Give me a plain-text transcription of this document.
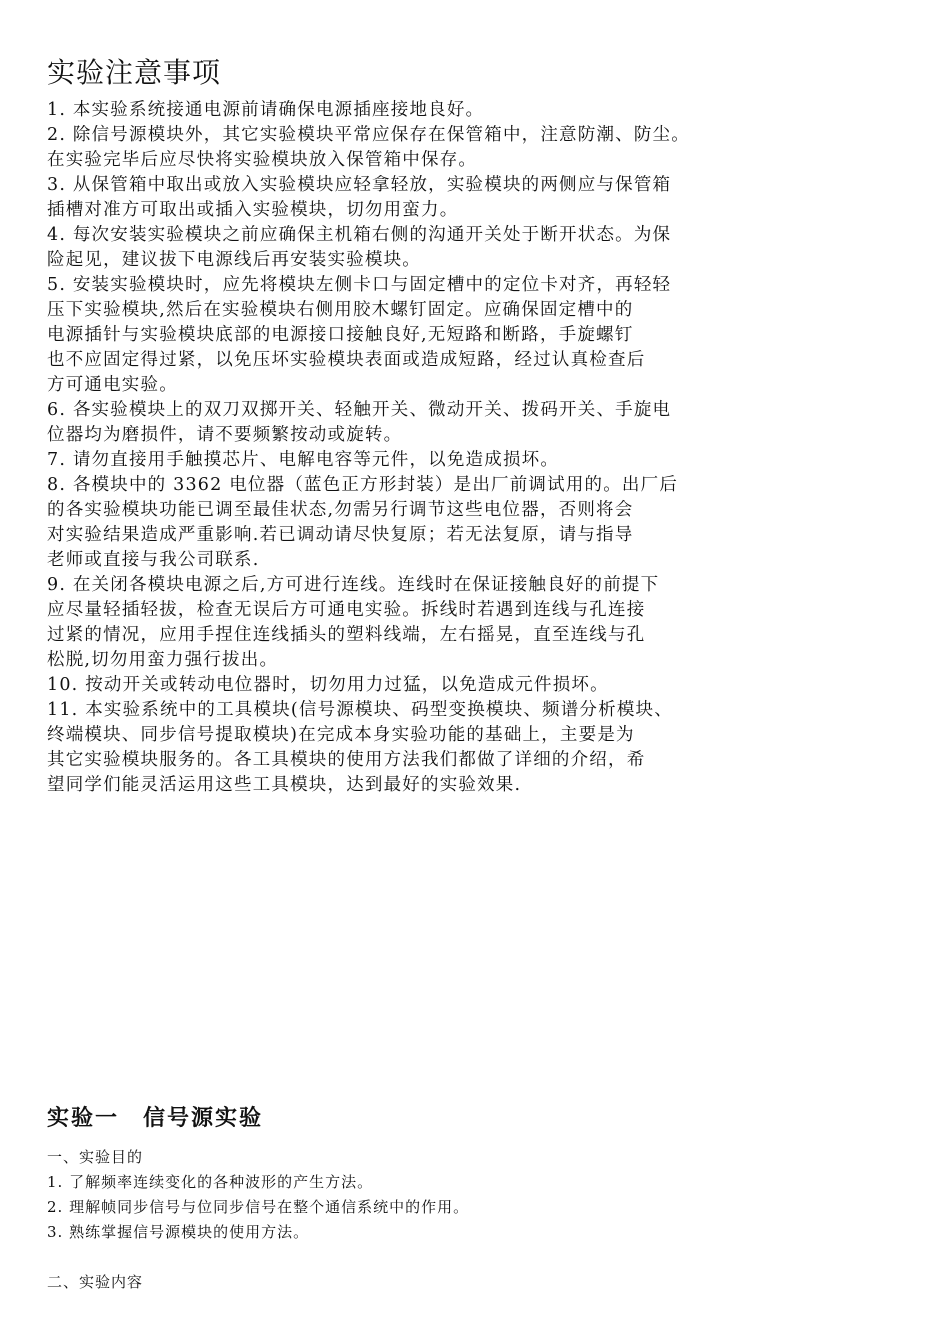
实验注意事项
1. 本实验系统接通电源前请确保电源插座接地良好。
2. 除信号源模块外，其它实验模块平常应保存在保管箱中，注意防潮、防尘。
在实验完毕后应尽快将实验模块放入保管箱中保存。
3. 从保管箱中取出或放入实验模块应轻拿轻放，实验模块的两侧应与保管箱
插槽对准方可取出或插入实验模块，切勿用蛮力。
4. 每次安装实验模块之前应确保主机箱右侧的沟通开关处于断开状态。为保
险起见，建议拔下电源线后再安装实验模块。
5. 安装实验模块时，应先将模块左侧卡口与固定槽中的定位卡对齐，再轻轻
压下实验模块,然后在实验模块右侧用胶木螺钉固定。应确保固定槽中的
电源插针与实验模块底部的电源接口接触良好,无短路和断路，手旋螺钉
也不应固定得过紧，以免压坏实验模块表面或造成短路，经过认真检查后
方可通电实验。
6. 各实验模块上的双刀双掷开关、轻触开关、微动开关、拨码开关、手旋电
位器均为磨损件，请不要频繁按动或旋转。
7. 请勿直接用手触摸芯片、电解电容等元件，以免造成损坏。
8. 各模块中的 3362 电位器（蓝色正方形封装）是出厂前调试用的。出厂后
的各实验模块功能已调至最佳状态,勿需另行调节这些电位器，否则将会
对实验结果造成严重影响.若已调动请尽快复原；若无法复原，请与指导
老师或直接与我公司联系.
9. 在关闭各模块电源之后,方可进行连线。连线时在保证接触良好的前提下
应尽量轻插轻拔，检查无误后方可通电实验。拆线时若遇到连线与孔连接
过紧的情况，应用手捏住连线插头的塑料线端，左右摇晃，直至连线与孔
松脱,切勿用蛮力强行拔出。
10. 按动开关或转动电位器时，切勿用力过猛，以免造成元件损坏。
11. 本实验系统中的工具模块(信号源模块、码型变换模块、频谱分析模块、
终端模块、同步信号提取模块)在完成本身实验功能的基础上，主要是为
其它实验模块服务的。各工具模块的使用方法我们都做了详细的介绍，希
望同学们能灵活运用这些工具模块，达到最好的实验效果.
实验一　信号源实验
一、实验目的
1. 了解频率连续变化的各种波形的产生方法。
2. 理解帧同步信号与位同步信号在整个通信系统中的作用。
3. 熟练掌握信号源模块的使用方法。
二、实验内容
